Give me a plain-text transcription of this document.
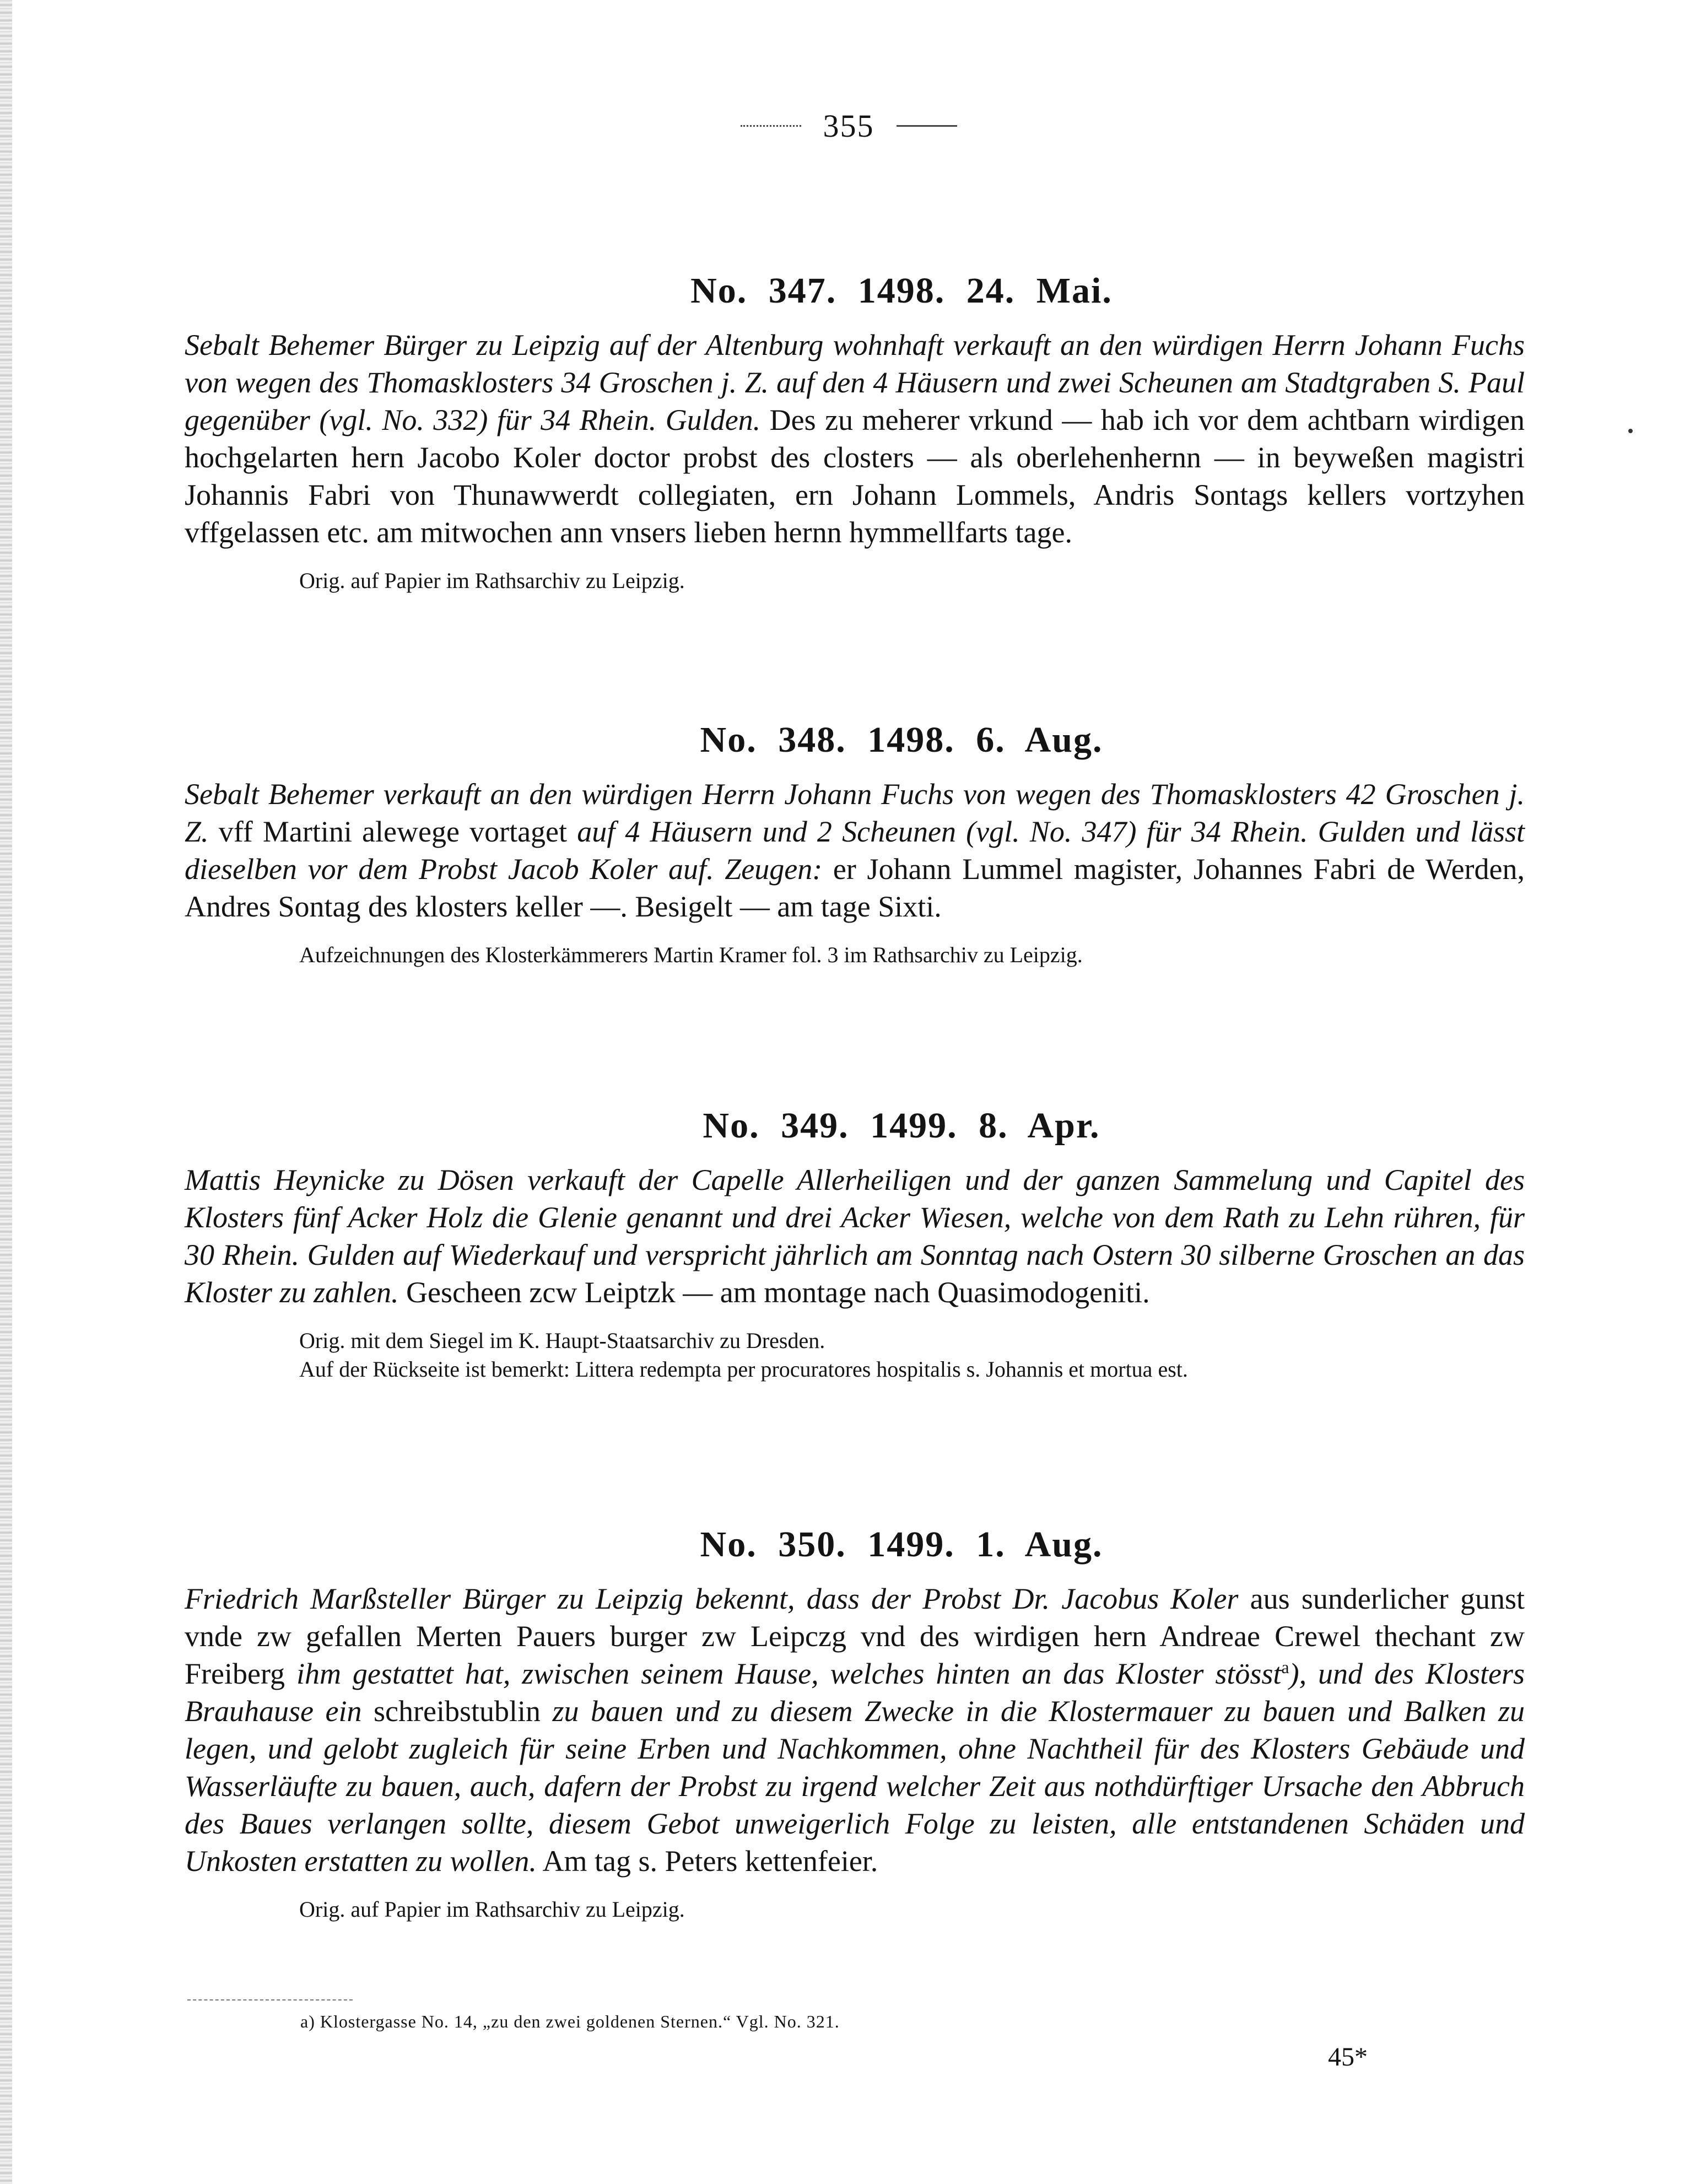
355
No. 347. 1498. 24. Mai.

Sebalt Behemer Bürger zu Leipzig auf der Altenburg wohnhaft verkauft an den würdigen Herrn Johann Fuchs von wegen des Thomasklosters 34 Groschen j. Z. auf den 4 Häusern und zwei Scheunen am Stadtgraben S. Paul gegenüber (vgl. No. 332) für 34 Rhein. Gulden. Des zu meherer vrkund — hab ich vor dem achtbarn wirdigen hochgelarten hern Jacobo Koler doctor probst des closters — als oberlehenhernn — in beyweßen magistri Johannis Fabri von Thunawwerdt collegiaten, ern Johann Lommels, Andris Sontags kellers vortzyhen vffgelassen etc. am mitwochen ann vnsers lieben hernn hymmellfarts tage.

Orig. auf Papier im Rathsarchiv zu Leipzig.
No. 348. 1498. 6. Aug.

Sebalt Behemer verkauft an den würdigen Herrn Johann Fuchs von wegen des Thomasklosters 42 Groschen j. Z. vff Martini alewege vortaget auf 4 Häusern und 2 Scheunen (vgl. No. 347) für 34 Rhein. Gulden und lässt dieselben vor dem Probst Jacob Koler auf. Zeugen: er Johann Lummel magister, Johannes Fabri de Werden, Andres Sontag des klosters keller —. Besigelt — am tage Sixti.

Aufzeichnungen des Klosterkämmerers Martin Kramer fol. 3 im Rathsarchiv zu Leipzig.
No. 349. 1499. 8. Apr.

Mattis Heynicke zu Dösen verkauft der Capelle Allerheiligen und der ganzen Sammelung und Capitel des Klosters fünf Acker Holz die Glenie genannt und drei Acker Wiesen, welche von dem Rath zu Lehn rühren, für 30 Rhein. Gulden auf Wiederkauf und verspricht jährlich am Sonntag nach Ostern 30 silberne Groschen an das Kloster zu zahlen. Gescheen zcw Leiptzk — am montage nach Quasimodogeniti.

Orig. mit dem Siegel im K. Haupt-Staatsarchiv zu Dresden.
Auf der Rückseite ist bemerkt: Littera redempta per procuratores hospitalis s. Johannis et mortua est.
No. 350. 1499. 1. Aug.

Friedrich Marßsteller Bürger zu Leipzig bekennt, dass der Probst Dr. Jacobus Koler aus sunderlicher gunst vnde zw gefallen Merten Pauers burger zw Leipczg vnd des wirdigen hern Andreae Crewel thechant zw Freiberg ihm gestattet hat, zwischen seinem Hause, welches hinten an das Kloster stösst$^a$), und des Klosters Brauhause ein schreibstublin zu bauen und zu diesem Zwecke in die Klostermauer zu bauen und Balken zu legen, und gelobt zugleich für seine Erben und Nachkommen, ohne Nachtheil für des Klosters Gebäude und Wasserläufte zu bauen, auch, dafern der Probst zu irgend welcher Zeit aus nothdürftiger Ursache den Abbruch des Baues verlangen sollte, diesem Gebot unweigerlich Folge zu leisten, alle entstandenen Schäden und Unkosten erstatten zu wollen. Am tag s. Peters kettenfeier.

Orig. auf Papier im Rathsarchiv zu Leipzig.
a) Klostergasse No. 14, „zu den zwei goldenen Sternen.“ Vgl. No. 321.
45*
